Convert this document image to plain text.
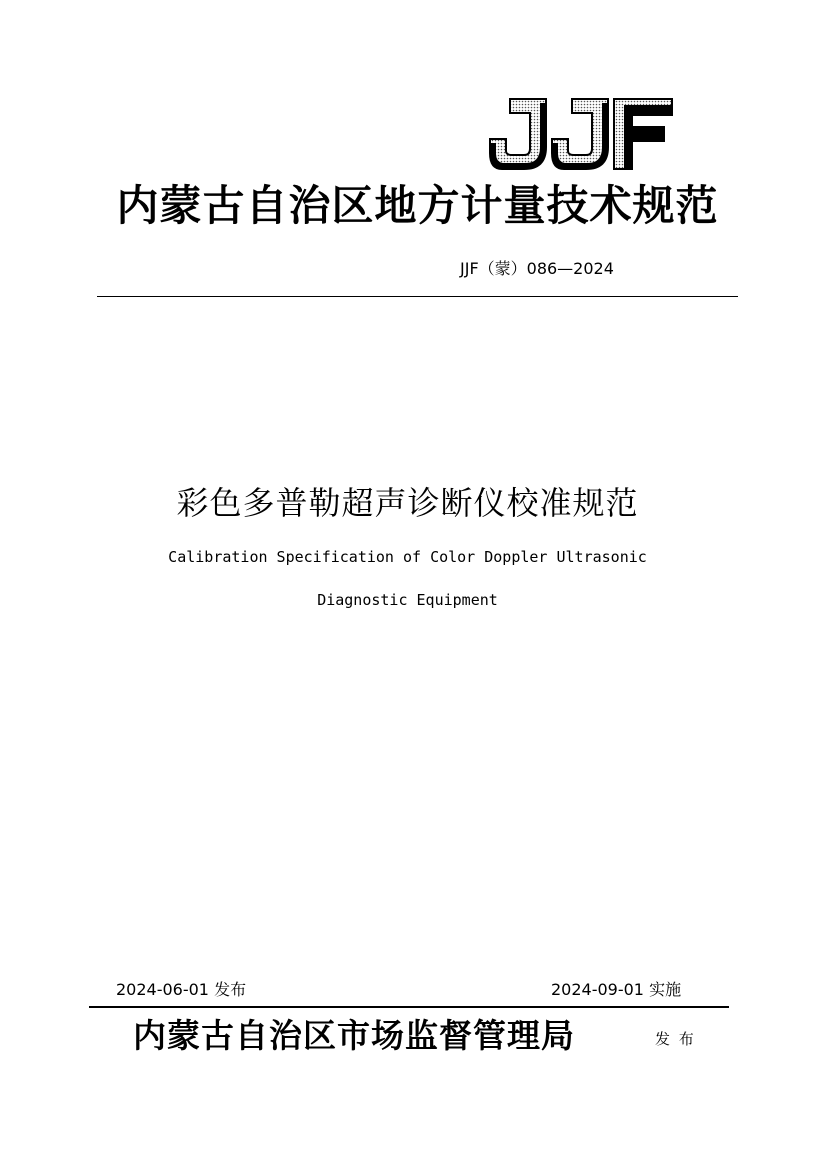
内蒙古自治区地方计量技术规范
JJF（蒙）086—2024
彩色多普勒超声诊断仪校准规范
Calibration Specification of Color Doppler Ultrasonic
Diagnostic Equipment
2024-06-01 发布	2024-09-01 实施
内蒙古自治区市场监督管理局	发 布
